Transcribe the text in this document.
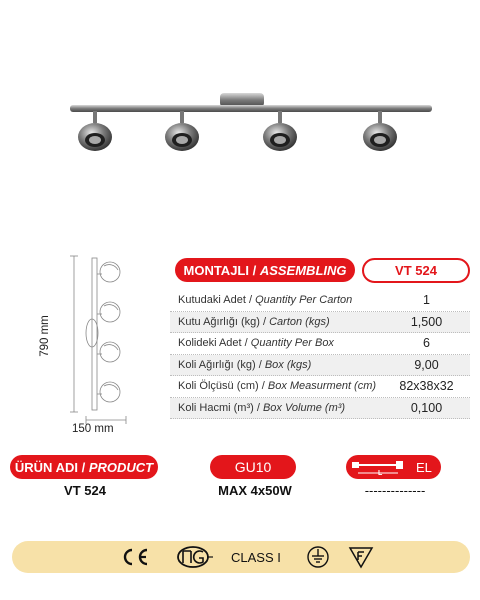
790 mm
150 mm
MONTAJLI /
ASSEMBLING	VT 524
Kutudaki Adet / Quantity Per Carton	1
Kutu Ağırlığı (kg) / Carton (kgs)	1,500
Kolideki Adet / Quantity Per Box	6
Koli Ağırlığı (kg) / Box (kgs)	9,00
Koli Ölçüsü (cm) / Box Measurment (cm)	82x38x32
Koli Hacmi (m³) / Box Volume (m³)	0,100
ÜRÜN ADI /
PRODUCT	GU10	L	EL
VT 524	MAX 4x50W	--------------
CLASS I
